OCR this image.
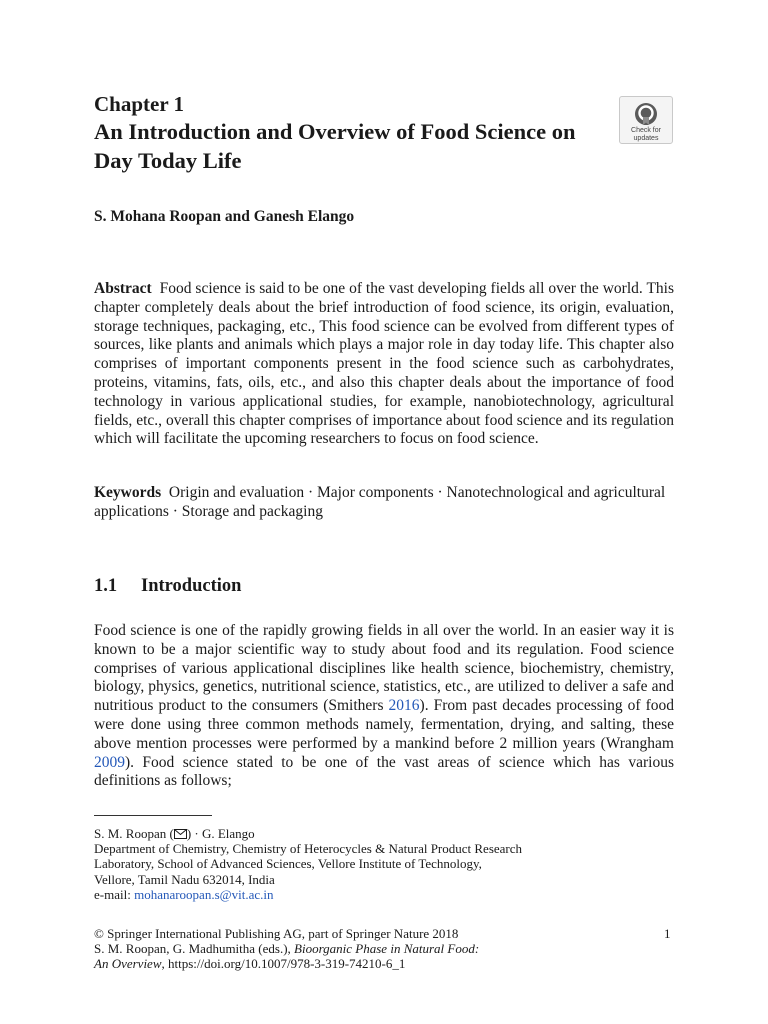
Chapter 1
An Introduction and Overview of Food Science on Day Today Life
Check for
updates
S. Mohana Roopan and Ganesh Elango

Abstract Food science is said to be one of the vast developing fields all over the world. This chapter completely deals about the brief introduction of food science, its origin, evaluation, storage techniques, packaging, etc., This food science can be evolved from different types of sources, like plants and animals which plays a major role in day today life. This chapter also comprises of important components present in the food science such as carbohydrates, proteins, vitamins, fats, oils, etc., and also this chapter deals about the importance of food technology in various applicational studies, for example, nanobiotechnology, agricultural fields, etc., overall this chapter comprises of importance about food science and its regulation which will facilitate the upcoming researchers to focus on food science.

Keywords Origin and evaluation · Major components · Nanotechnological and agricultural applications · Storage and packaging

1.1 Introduction

Food science is one of the rapidly growing fields in all over the world. In an easier way it is known to be a major scientific way to study about food and its regulation. Food science comprises of various applicational disciplines like health science, biochemistry, chemistry, biology, physics, genetics, nutritional science, statistics, etc., are utilized to deliver a safe and nutritious product to the consumers (Smithers 2016). From past decades processing of food were done using three common methods namely, fermentation, drying, and salting, these above mention processes were performed by a mankind before 2 million years (Wrangham 2009). Food science stated to be one of the vast areas of science which has various definitions as follows;

S. M. Roopan ( ) · G. Elango
Department of Chemistry, Chemistry of Heterocycles & Natural Product Research
Laboratory, School of Advanced Sciences, Vellore Institute of Technology,
Vellore, Tamil Nadu 632014, India
e-mail: mohanaroopan.s@vit.ac.in
© Springer International Publishing AG, part of Springer Nature 2018
S. M. Roopan, G. Madhumitha (eds.), Bioorganic Phase in Natural Food:
An Overview, https://doi.org/10.1007/978-3-319-74210-6_1
1
